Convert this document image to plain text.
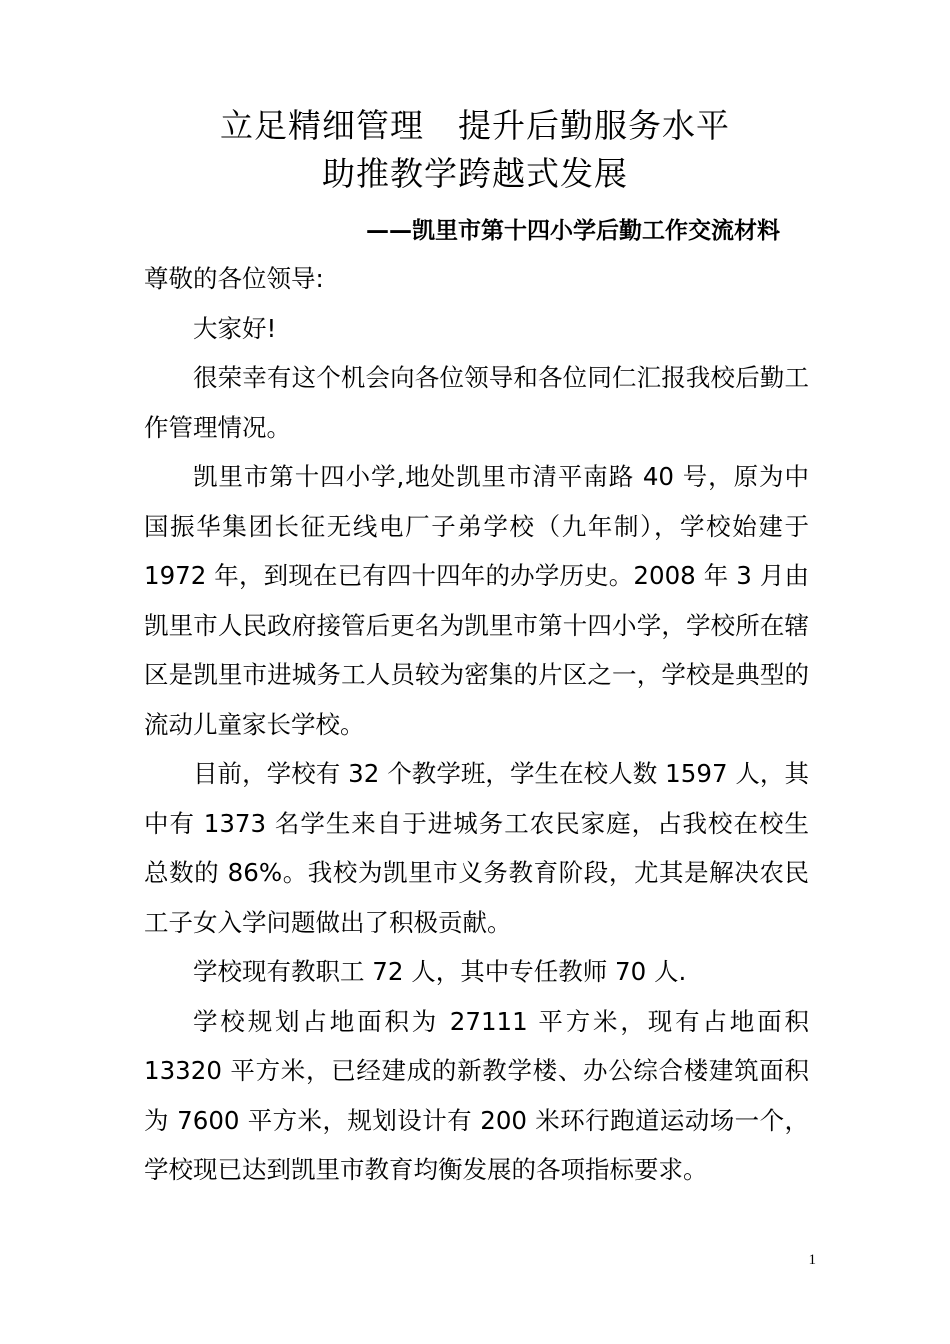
立足精细管理　提升后勤服务水平
助推教学跨越式发展
——凯里市第十四小学后勤工作交流材料

尊敬的各位领导:

大家好!

很荣幸有这个机会向各位领导和各位同仁汇报我校后勤工作管理情况。

凯里市第十四小学,地处凯里市清平南路 40 号，原为中国振华集团长征无线电厂子弟学校（九年制），学校始建于 1972 年，到现在已有四十四年的办学历史。2008 年 3 月由凯里市人民政府接管后更名为凯里市第十四小学，学校所在辖区是凯里市进城务工人员较为密集的片区之一，学校是典型的流动儿童家长学校。

目前，学校有 32 个教学班，学生在校人数 1597 人，其中有 1373 名学生来自于进城务工农民家庭，占我校在校生总数的 86%。我校为凯里市义务教育阶段，尤其是解决农民工子女入学问题做出了积极贡献。

学校现有教职工 72 人，其中专任教师 70 人.

学校规划占地面积为 27111 平方米，现有占地面积13320 平方米，已经建成的新教学楼、办公综合楼建筑面积为 7600 平方米，规划设计有 200 米环行跑道运动场一个，学校现已达到凯里市教育均衡发展的各项指标要求。

1
